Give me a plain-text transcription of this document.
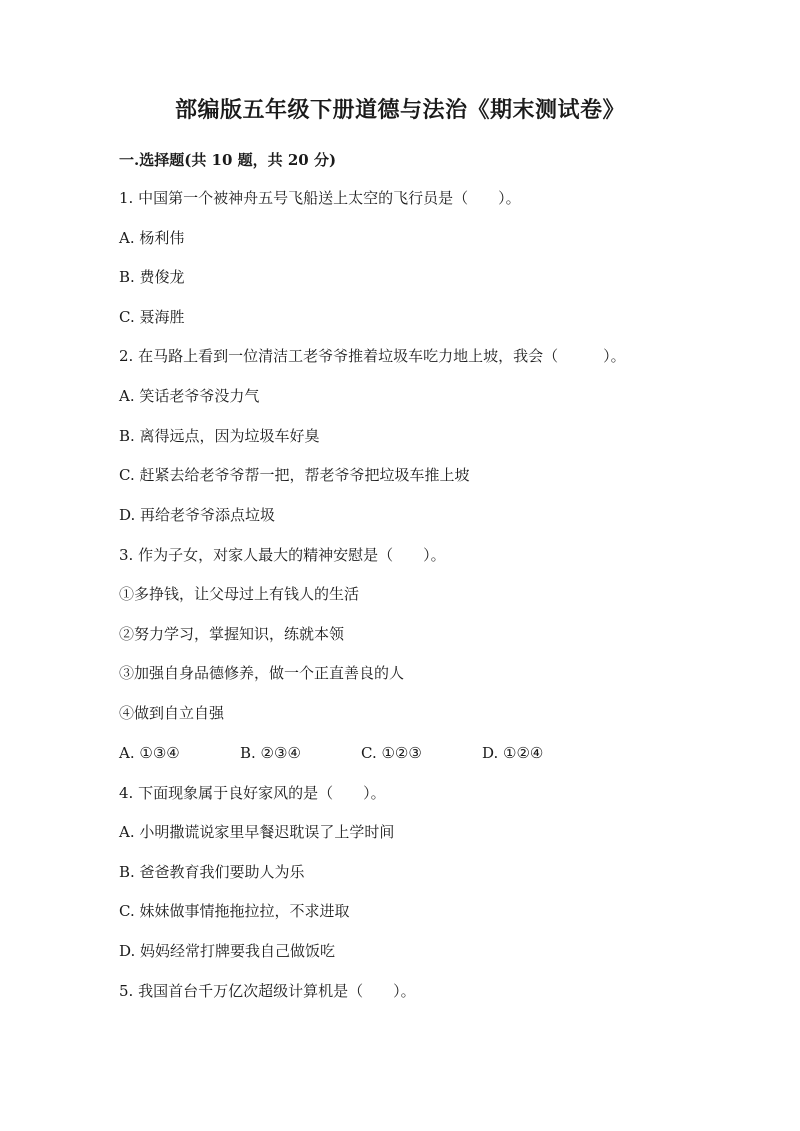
部编版五年级下册道德与法治《期末测试卷》
一.选择题(共 10 题，共 20 分)
1. 中国第一个被神舟五号飞船送上太空的飞行员是（　　）。
A. 杨利伟
B. 费俊龙
C. 聂海胜
2. 在马路上看到一位清洁工老爷爷推着垃圾车吃力地上坡，我会（　　　）。
A. 笑话老爷爷没力气
B. 离得远点，因为垃圾车好臭
C. 赶紧去给老爷爷帮一把，帮老爷爷把垃圾车推上坡
D. 再给老爷爷添点垃圾
3. 作为子女，对家人最大的精神安慰是（　　）。
①多挣钱，让父母过上有钱人的生活
②努力学习，掌握知识，练就本领
③加强自身品德修养，做一个正直善良的人
④做到自立自强
A. ①③④	B. ②③④	C. ①②③	D. ①②④
4. 下面现象属于良好家风的是（　　）。
A. 小明撒谎说家里早餐迟耽误了上学时间
B. 爸爸教育我们要助人为乐
C. 妹妹做事情拖拖拉拉，不求进取
D. 妈妈经常打牌要我自己做饭吃
5. 我国首台千万亿次超级计算机是（　　）。
